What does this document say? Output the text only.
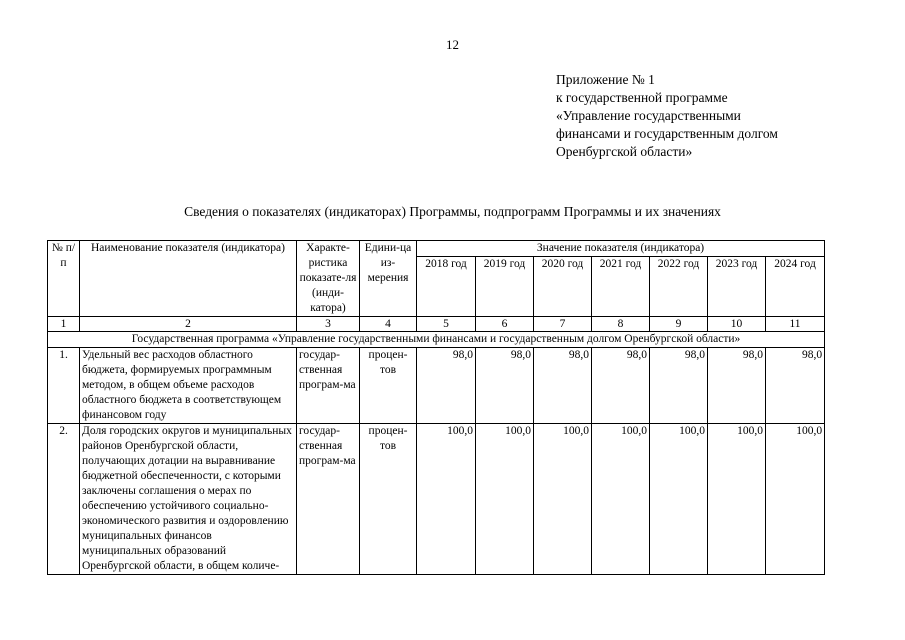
12
Приложение № 1
к государственной программе
«Управление государственными
финансами и государственным долгом
Оренбургской области»
Сведения о показателях (индикаторах) Программы, подпрограмм Программы и их значениях
№ п/п	Наименование показателя (индикатора)	Характе-ристика показате-ля (инди-катора)	Едини-ца из-мерения	Значение показателя (индикатора)						
				2018 год	2019 год	2020 год	2021 год	2022 год	2023 год	2024 год
1	2	3	4	5	6	7	8	9	10	11
Государственная программа «Управление государственными финансами и государственным долгом Оренбургской области»										
1.	Удельный вес расходов областного бюджета, формируемых программным методом, в общем объеме расходов областного бюджета в соответствующем финансовом году	государ-ственная програм-ма	процен-тов	98,0	98,0	98,0	98,0	98,0	98,0	98,0
2.	Доля городских округов и муниципальных районов Оренбургской области, получающих дотации на выравнивание бюджетной обеспеченности, с которыми заключены соглашения о мерах по обеспечению устойчивого социально-экономического развития и оздоровлению муниципальных финансов муниципальных образований Оренбургской области, в общем количе-	государ-ственная програм-ма	процен-тов	100,0	100,0	100,0	100,0	100,0	100,0	100,0
